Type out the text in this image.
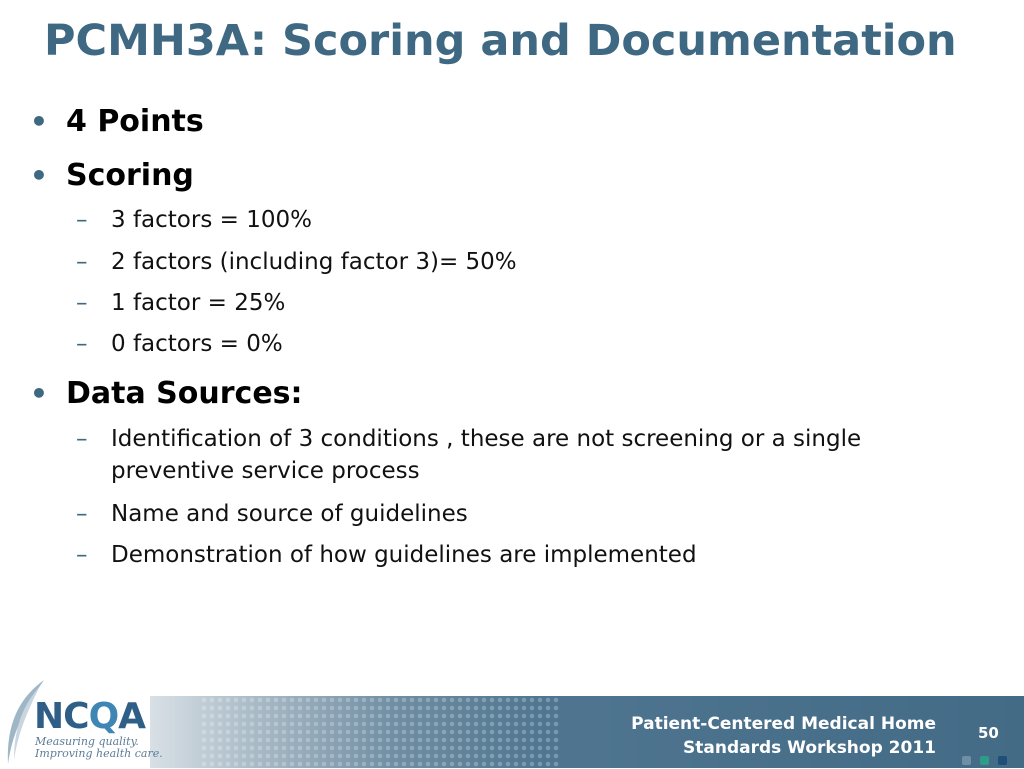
PCMH3A: Scoring and Documentation
• 4 Points
• Scoring
– 3 factors = 100%
– 2 factors (including factor 3)= 50%
– 1 factor = 25%
– 0 factors = 0%
• Data Sources:
– Identification of 3 conditions , these are not screening or a single preventive service process
– Name and source of guidelines
– Demonstration of how guidelines are implemented
Patient-Centered Medical Home
Standards Workshop 2011
50

NCQA
Measuring quality.
Improving health care.
